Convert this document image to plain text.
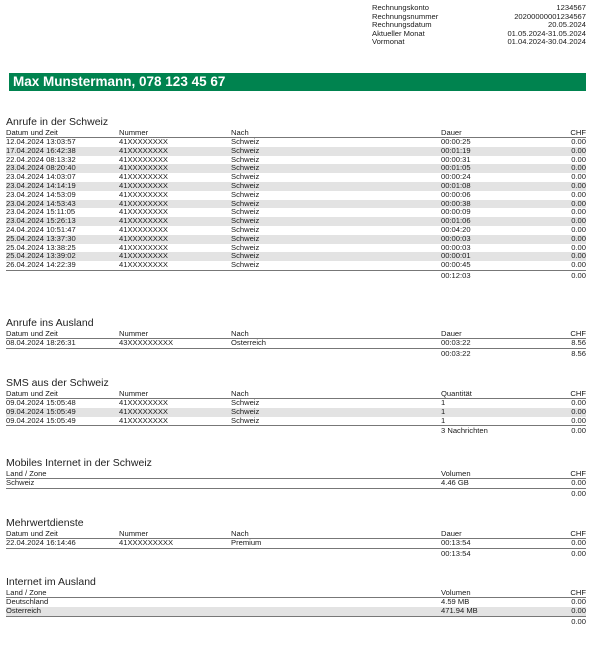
Rechnungskonto	1234567
Rechnungsnummer	20200000001234567
Rechnungsdatum	20.05.2024
Aktueller Monat	01.05.2024-31.05.2024
Vormonat	01.04.2024-30.04.2024
Max Munstermann, 078 123 45 67
Anrufe in der Schweiz
Datum und Zeit	Nummer	Nach	Dauer	CHF
12.04.2024 13:03:57	41XXXXXXXX	Schweiz	00:00:25	0.00
17.04.2024 16:42:38	41XXXXXXXX	Schweiz	00:01:19	0.00
22.04.2024 08:13:32	41XXXXXXXX	Schweiz	00:00:31	0.00
23.04.2024 08:20:40	41XXXXXXXX	Schweiz	00:01:05	0.00
23.04.2024 14:03:07	41XXXXXXXX	Schweiz	00:00:24	0.00
23.04.2024 14:14:19	41XXXXXXXX	Schweiz	00:01:08	0.00
23.04.2024 14:53:09	41XXXXXXXX	Schweiz	00:00:06	0.00
23.04.2024 14:53:43	41XXXXXXXX	Schweiz	00:00:38	0.00
23.04.2024 15:11:05	41XXXXXXXX	Schweiz	00:00:09	0.00
23.04.2024 15:26:13	41XXXXXXXX	Schweiz	00:01:06	0.00
24.04.2024 10:51:47	41XXXXXXXX	Schweiz	00:04:20	0.00
25.04.2024 13:37:30	41XXXXXXXX	Schweiz	00:00:03	0.00
25.04.2024 13:38:25	41XXXXXXXX	Schweiz	00:00:03	0.00
25.04.2024 13:39:02	41XXXXXXXX	Schweiz	00:00:01	0.00
26.04.2024 14:22:39	41XXXXXXXX	Schweiz	00:00:45	0.00
			00:12:03	0.00
Anrufe ins Ausland
Datum und Zeit	Nummer	Nach	Dauer	CHF
08.04.2024 18:26:31	43XXXXXXXXX	Osterreich	00:03:22	8.56
			00:03:22	8.56
SMS aus der Schweiz
Datum und Zeit	Nummer	Nach	Quantität	CHF
09.04.2024 15:05:48	41XXXXXXXX	Schweiz	1	0.00
09.04.2024 15:05:49	41XXXXXXXX	Schweiz	1	0.00
09.04.2024 15:05:49	41XXXXXXXX	Schweiz	1	0.00
			3 Nachrichten	0.00
Mobiles Internet in der Schweiz
Land / Zone	Volumen	CHF
Schweiz	4.46 GB	0.00
		0.00
Mehrwertdienste
Datum und Zeit	Nummer	Nach	Dauer	CHF
22.04.2024 16:14:46	41XXXXXXXXX	Premium	00:13:54	0.00
			00:13:54	0.00
Internet im Ausland
Land / Zone	Volumen	CHF
Deutschland	4.59 MB	0.00
Österreich	471.94 MB	0.00
		0.00
